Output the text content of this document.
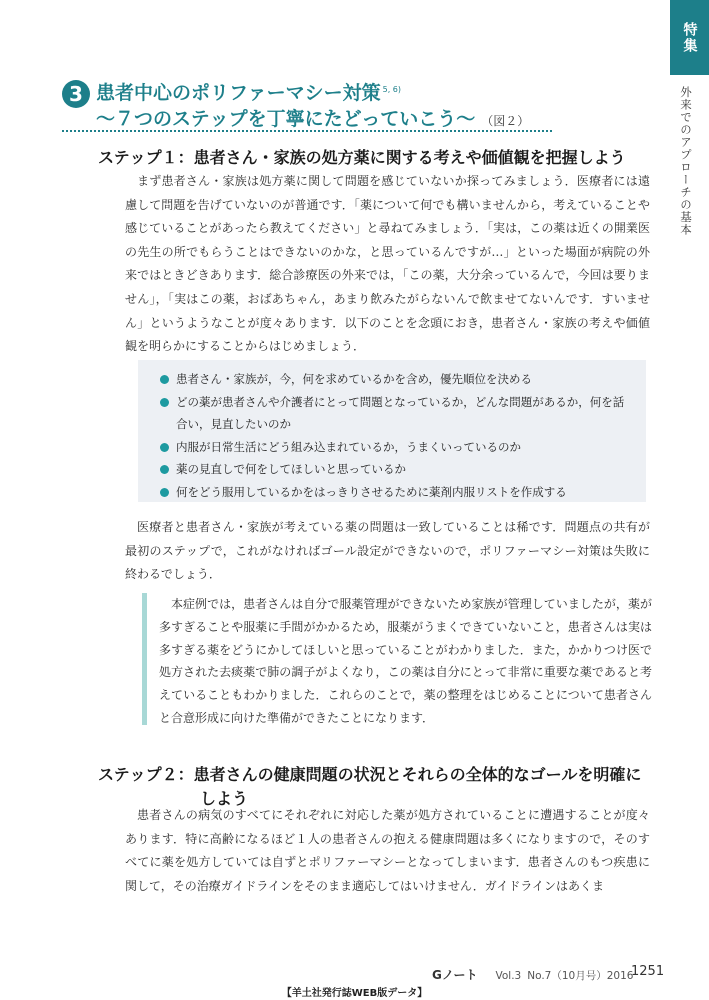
特集
外来でのアプローチの基本
3 患者中心のポリファーマシー対策 $^{5, 6)}$
～７つのステップを丁寧にたどっていこう～ （図２）
ステップ１：患者さん・家族の処方薬に関する考えや価値観を把握しよう

まず患者さん・家族は処方薬に関して問題を感じていないか探ってみましょう．医療者には遠慮して問題を告げていないのが普通です．「薬について何でも構いませんから，考えていることや感じていることがあったら教えてください」と尋ねてみましょう．「実は，この薬は近くの開業医の先生の所でもらうことはできないのかな，と思っているんですが…」といった場面が病院の外来ではときどきあります．総合診療医の外来では，「この薬，大分余っているんで，今回は要りません」，「実はこの薬，おばあちゃん，あまり飲みたがらないんで飲ませてないんです．すいません」というようなことが度々あります．以下のことを念頭におき，患者さん・家族の考えや価値観を明らかにすることからはじめましょう．

患者さん・家族が，今，何を求めているかを含め，優先順位を決める
どの薬が患者さんや介護者にとって問題となっているか，どんな問題があるか，何を話合い，見直したいのか
内服が日常生活にどう組み込まれているか，うまくいっているのか
薬の見直しで何をしてほしいと思っているか
何をどう服用しているかをはっきりさせるために薬剤内服リストを作成する

医療者と患者さん・家族が考えている薬の問題は一致していることは稀です．問題点の共有が最初のステップで，これがなければゴール設定ができないので，ポリファーマシー対策は失敗に終わるでしょう．

本症例では，患者さんは自分で服薬管理ができないため家族が管理していましたが，薬が多すぎることや服薬に手間がかかるため，服薬がうまくできていないこと，患者さんは実は多すぎる薬をどうにかしてほしいと思っていることがわかりました．また，かかりつけ医で処方された去痰薬で肺の調子がよくなり，この薬は自分にとって非常に重要な薬であると考えていることもわかりました．これらのことで，薬の整理をはじめることについて患者さんと合意形成に向けた準備ができたことになります．

ステップ２：患者さんの健康問題の状況とそれらの全体的なゴールを明確に
しよう

患者さんの病気のすべてにそれぞれに対応した薬が処方されていることに遭遇することが度々あります．特に高齢になるほど１人の患者さんの抱える健康問題は多くになりますので，そのすべてに薬を処方していては自ずとポリファーマシーとなってしまいます．患者さんのもつ疾患に関して，その治療ガイドラインをそのまま適応してはいけません．ガイドラインはあくま

Gノート Vol.3 No.7（10月号）2016
1251
【羊土社発行誌WEB版データ】
